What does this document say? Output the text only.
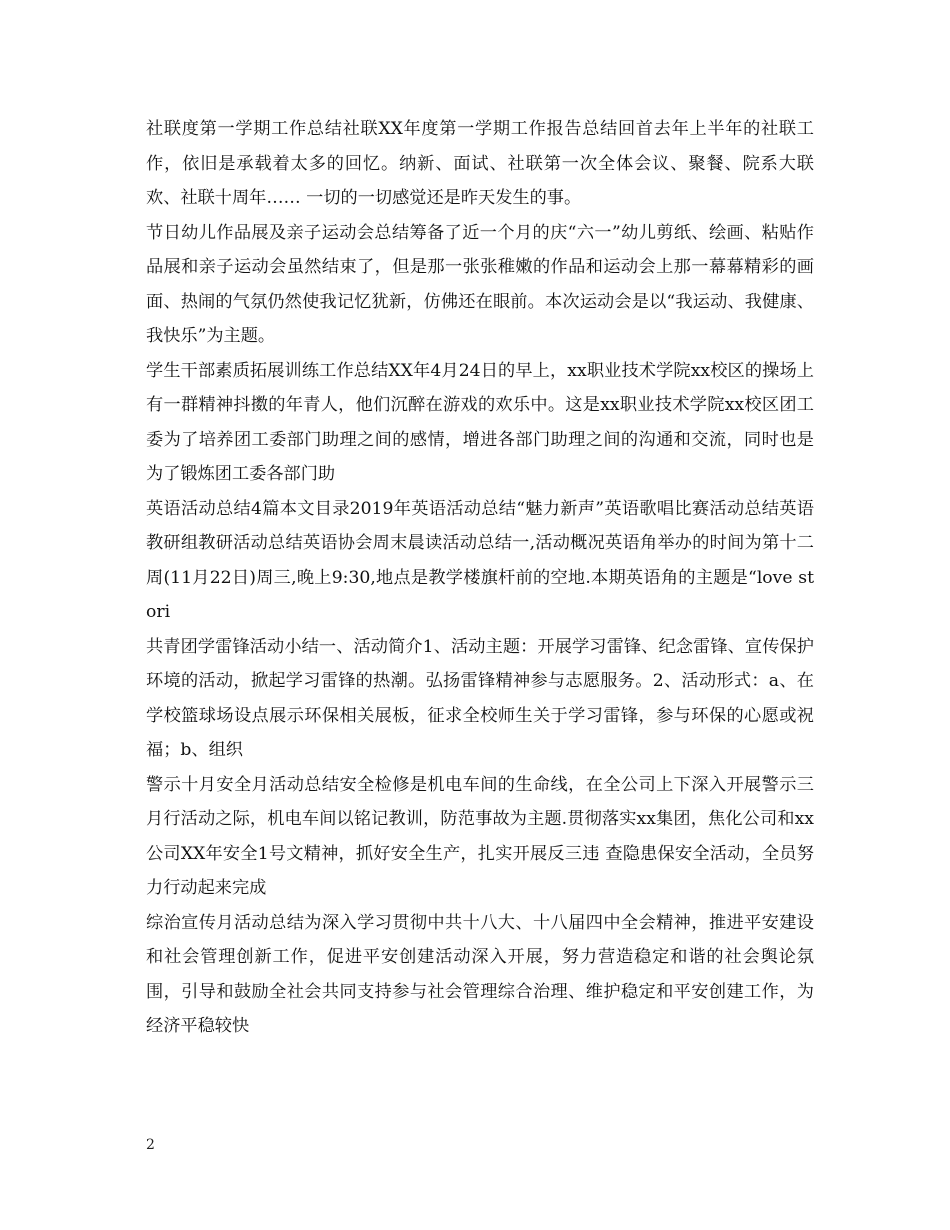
社联度第一学期工作总结社联XX年度第一学期工作报告总结回首去年上半年的社联工作，依旧是承载着太多的回忆。纳新、面试、社联第一次全体会议、聚餐、院系大联欢、社联十周年…… 一切的一切感觉还是昨天发生的事。

节日幼儿作品展及亲子运动会总结筹备了近一个月的庆“六一”幼儿剪纸、绘画、粘贴作品展和亲子运动会虽然结束了，但是那一张张稚嫩的作品和运动会上那一幕幕精彩的画面、热闹的气氛仍然使我记忆犹新，仿佛还在眼前。本次运动会是以“我运动、我健康、我快乐”为主题。

学生干部素质拓展训练工作总结XX年4月24日的早上，xx职业技术学院xx校区的操场上有一群精神抖擞的年青人，他们沉醉在游戏的欢乐中。这是xx职业技术学院xx校区团工委为了培养团工委部门助理之间的感情，增进各部门助理之间的沟通和交流，同时也是为了锻炼团工委各部门助

英语活动总结4篇本文目录2019年英语活动总结“魅力新声”英语歌唱比赛活动总结英语教研组教研活动总结英语协会周末晨读活动总结一,活动概况英语角举办的时间为第十二周(11月22日)周三,晚上9:30,地点是教学楼旗杆前的空地.本期英语角的主题是“love stori

共青团学雷锋活动小结一、活动简介1、活动主题：开展学习雷锋、纪念雷锋、宣传保护环境的活动，掀起学习雷锋的热潮。弘扬雷锋精神参与志愿服务。2、活动形式：a、在学校篮球场设点展示环保相关展板，征求全校师生关于学习雷锋，参与环保的心愿或祝福；b、组织

警示十月安全月活动总结安全检修是机电车间的生命线，在全公司上下深入开展警示三月行活动之际，机电车间以铭记教训，防范事故为主题.贯彻落实xx集团，焦化公司和xx公司XX年安全1号文精神，抓好安全生产，扎实开展反三违 查隐患保安全活动，全员努力行动起来完成

综治宣传月活动总结为深入学习贯彻中共十八大、十八届四中全会精神，推进平安建设和社会管理创新工作，促进平安创建活动深入开展，努力营造稳定和谐的社会舆论氛围，引导和鼓励全社会共同支持参与社会管理综合治理、维护稳定和平安创建工作，为经济平稳较快

2
